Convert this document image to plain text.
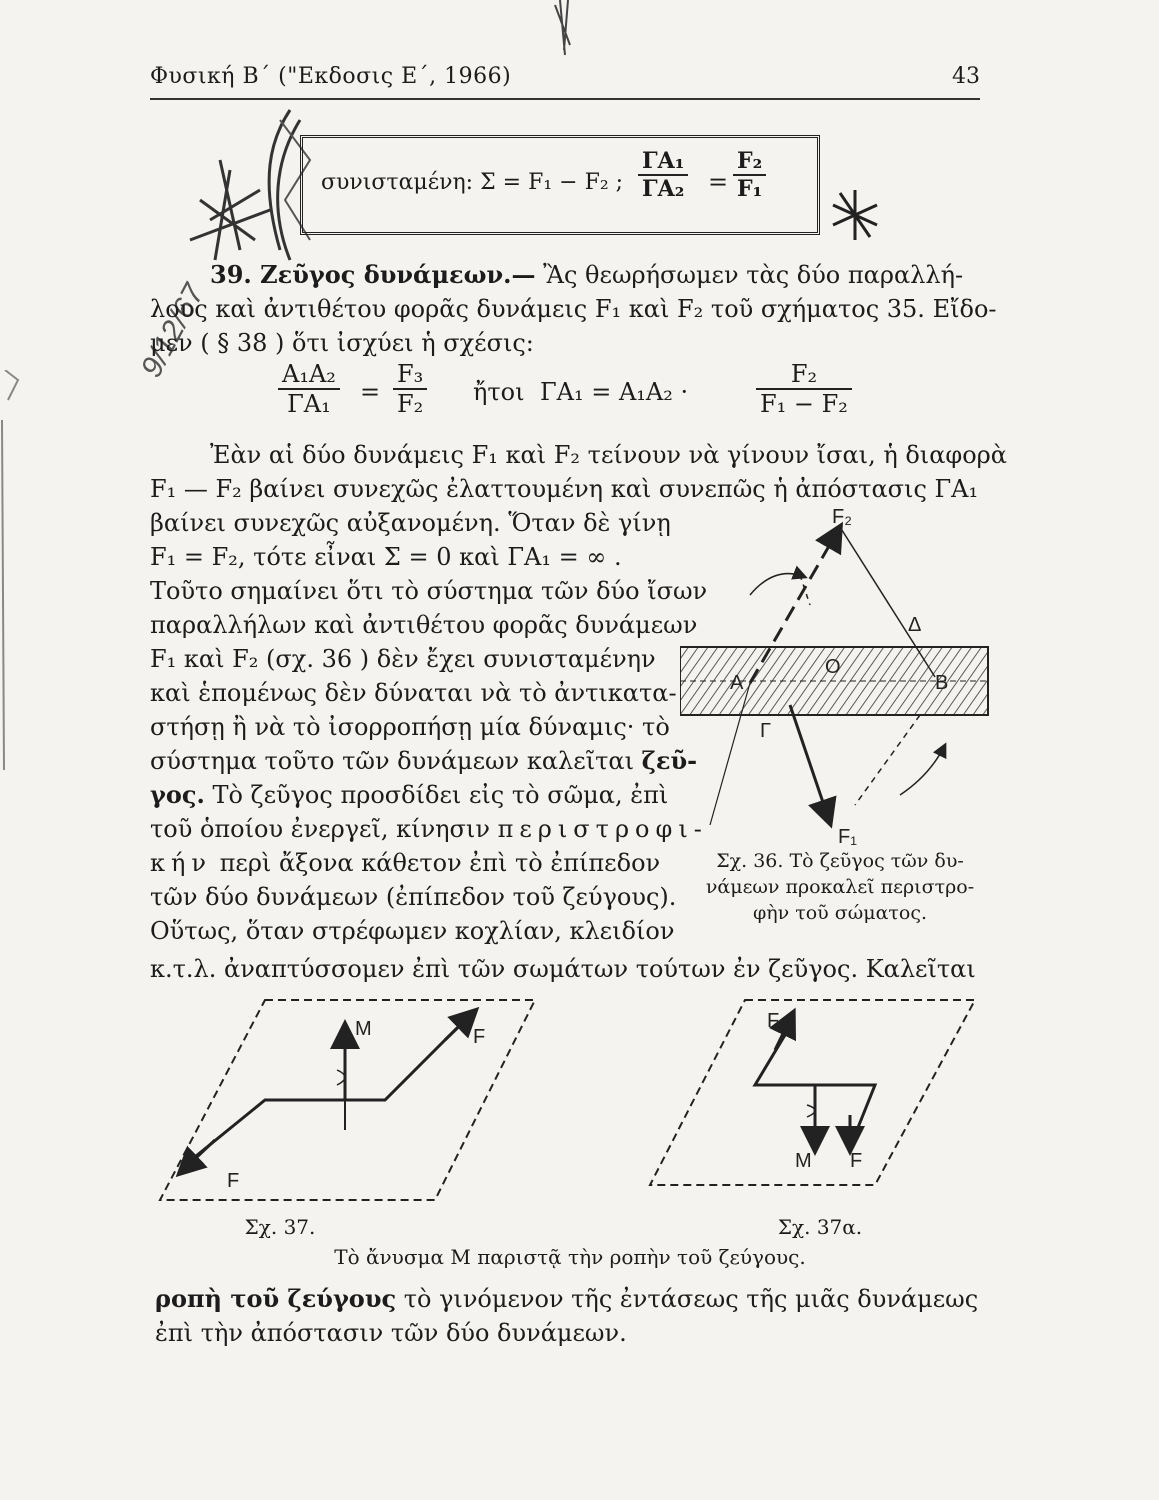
Φυσική Β΄ ("Εκδοσις Ε΄, 1966)	43
9/12/67
συνισταμένη: Σ = F₁ − F₂ ; $\frac{\text{ΓΑ₁}}{\text{ΓΑ₂}} = \frac{\text{F₂}}{\text{F₁}}$
39. Ζεῦγος δυνάμεων.— Ἂς θεωρήσωμεν τὰς δύο παραλλή-
λους καὶ ἀντιθέτου φορᾶς δυνάμεις F₁ καὶ F₂ τοῦ σχήματος 35. Εἴδο-
μεν ( § 38 ) ὅτι ἰσχύει ἡ σχέσις:
$\frac{\text{A₁A₂}}{\text{ΓΑ₁}} = \frac{\text{F₃}}{\text{F₂}}$ ἤτοι ΓΑ₁ = A₁A₂ ·	$\frac{\text{F₂}}{\text{F₁ − F₂}}$
Ἐὰν αἱ δύο δυνάμεις F₁ καὶ F₂ τείνουν νὰ γίνουν ἴσαι, ἡ διαφορὰ
F₁ — F₂ βαίνει συνεχῶς ἐλαττουμένη καὶ συνεπῶς ἡ ἀπόστασις ΓΑ₁
βαίνει συνεχῶς αὐξανομένη. Ὅταν δὲ γίνῃ
F₁ = F₂, τότε εἶναι Σ = 0 καὶ ΓΑ₁ = ∞ .
Τοῦτο σημαίνει ὅτι τὸ σύστημα τῶν δύο ἴσων
παραλλήλων καὶ ἀντιθέτου φορᾶς δυνάμεων
F₁ καὶ F₂ (σχ. 36 ) δὲν ἔχει συνισταμένην
καὶ ἑπομένως δὲν δύναται νὰ τὸ ἀντικατα-
στήσῃ ἢ νὰ τὸ ἰσορροπήσῃ μία δύναμις· τὸ
σύστημα τοῦτο τῶν δυνάμεων καλεῖται ζεῦ-
γος. Τὸ ζεῦγος προσδίδει εἰς τὸ σῶμα, ἐπὶ
τοῦ ὁποίου ἐνεργεῖ, κίνησιν περιστροφι-
κήν περὶ ἄξονα κάθετον ἐπὶ τὸ ἐπίπεδον
τῶν δύο δυνάμεων (ἐπίπεδον τοῦ ζεύγους).
Οὕτως, ὅταν στρέφωμεν κοχλίαν, κλειδίον
κ.τ.λ. ἀναπτύσσομεν ἐπὶ τῶν σωμάτων τούτων ἐν ζεῦγος. Καλεῖται
F₂
A
O
B
Γ
Δ
F₁
Σχ. 36. Τὸ ζεῦγος τῶν δυ-
νάμεων προκαλεῖ περιστρο-
φὴν τοῦ σώματος.
M	F
F
Σχ. 37.
F
M F
Σχ. 37α.
Τὸ ἄνυσμα Μ παριστᾷ τὴν ροπὴν τοῦ ζεύγους.
ροπὴ τοῦ ζεύγους τὸ γινόμενον τῆς ἐντάσεως τῆς μιᾶς δυνάμεως
ἐπὶ τὴν ἀπόστασιν τῶν δύο δυνάμεων.
